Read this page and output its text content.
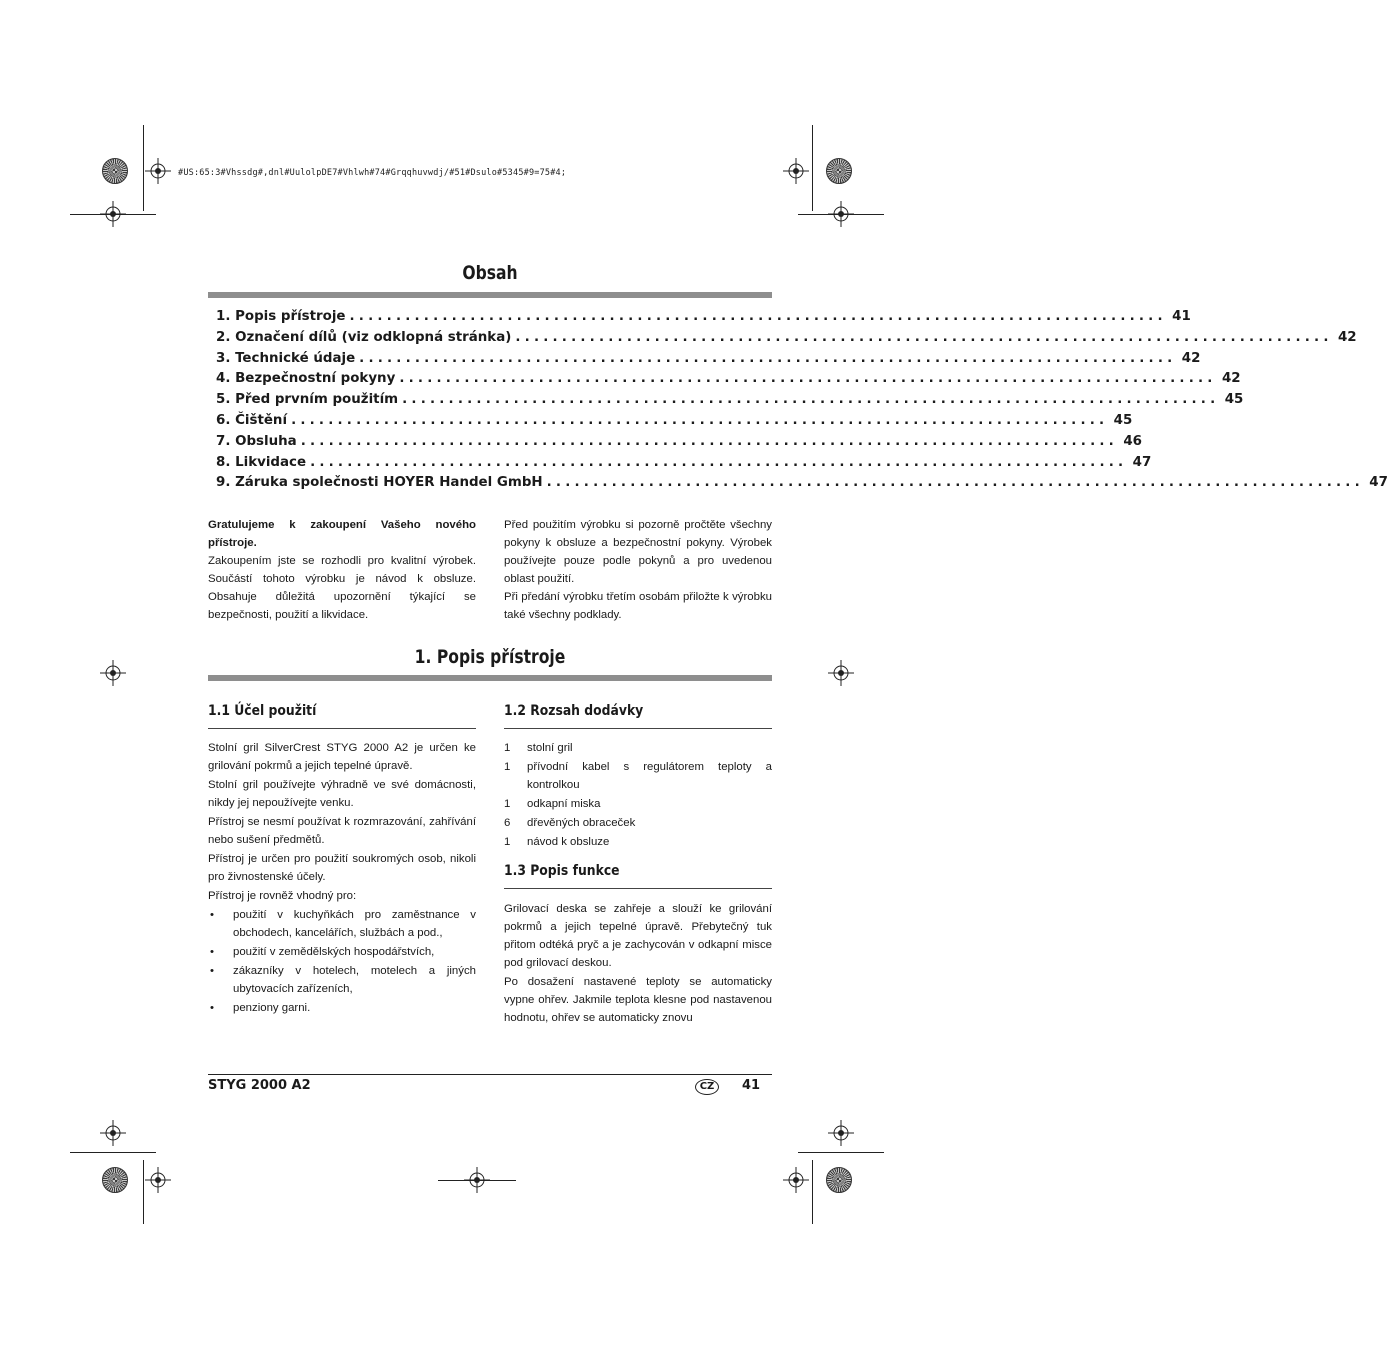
#US:65:3#Vhssdg#,dnl#UulolpDE7#Vhlwh#74#Grqqhuvwdj/#51#Dsulo#5345#9=75#4;
Obsah
1. Popis přístroje ........................................................................................ 41
2. Označení dílů (viz odklopná stránka) ........................................................................................ 42
3. Technické údaje ........................................................................................ 42
4. Bezpečnostní pokyny ........................................................................................ 42
5. Před prvním použitím ........................................................................................ 45
6. Čištění ........................................................................................ 45
7. Obsluha ........................................................................................ 46
8. Likvidace ........................................................................................ 47
9. Záruka společnosti HOYER Handel GmbH ........................................................................................ 47

Gratulujeme k zakoupení Vašeho nového přístroje.

Zakoupením jste se rozhodli pro kvalitní výrobek. Součástí tohoto výrobku je návod k obsluze. Obsahuje důležitá upozornění týkající se bezpečnosti, použití a likvidace.

Před použitím výrobku si pozorně pročtěte všechny pokyny k obsluze a bezpečnostní pokyny. Výrobek používejte pouze podle pokynů a pro uvedenou oblast použití.

Při předání výrobku třetím osobám přiložte k výrobku také všechny podklady.

1. Popis přístroje
1.1 Účel použití

Stolní gril SilverCrest STYG 2000 A2 je určen ke grilování pokrmů a jejich tepelné úpravě.

Stolní gril používejte výhradně ve své domácnosti, nikdy jej nepoužívejte venku.

Přístroj se nesmí používat k rozmrazování, zahřívání nebo sušení předmětů.

Přístroj je určen pro použití soukromých osob, nikoli pro živnostenské účely.

Přístroj je rovněž vhodný pro:

•	použití v kuchyňkách pro zaměstnance v obchodech, kancelářích, službách a pod.,
•	použití v zemědělských hospodářstvích,
•	zákazníky v hotelech, motelech a jiných ubytovacích zařízeních,
•	penziony garni.
1.2 Rozsah dodávky
1	stolní gril
1	přívodní kabel s regulátorem teploty a kontrolkou
1	odkapní miska
6	dřevěných obraceček
1	návod k obsluze
1.3 Popis funkce

Grilovací deska se zahřeje a slouží ke grilování pokrmů a jejich tepelné úpravě. Přebytečný tuk přitom odtéká pryč a je zachycován v odkapní misce pod grilovací deskou.

Po dosažení nastavené teploty se automaticky vypne ohřev. Jakmile teplota klesne pod nastavenou hodnotu, ohřev se automaticky znovu

STYG 2000 A2	CZ	41
